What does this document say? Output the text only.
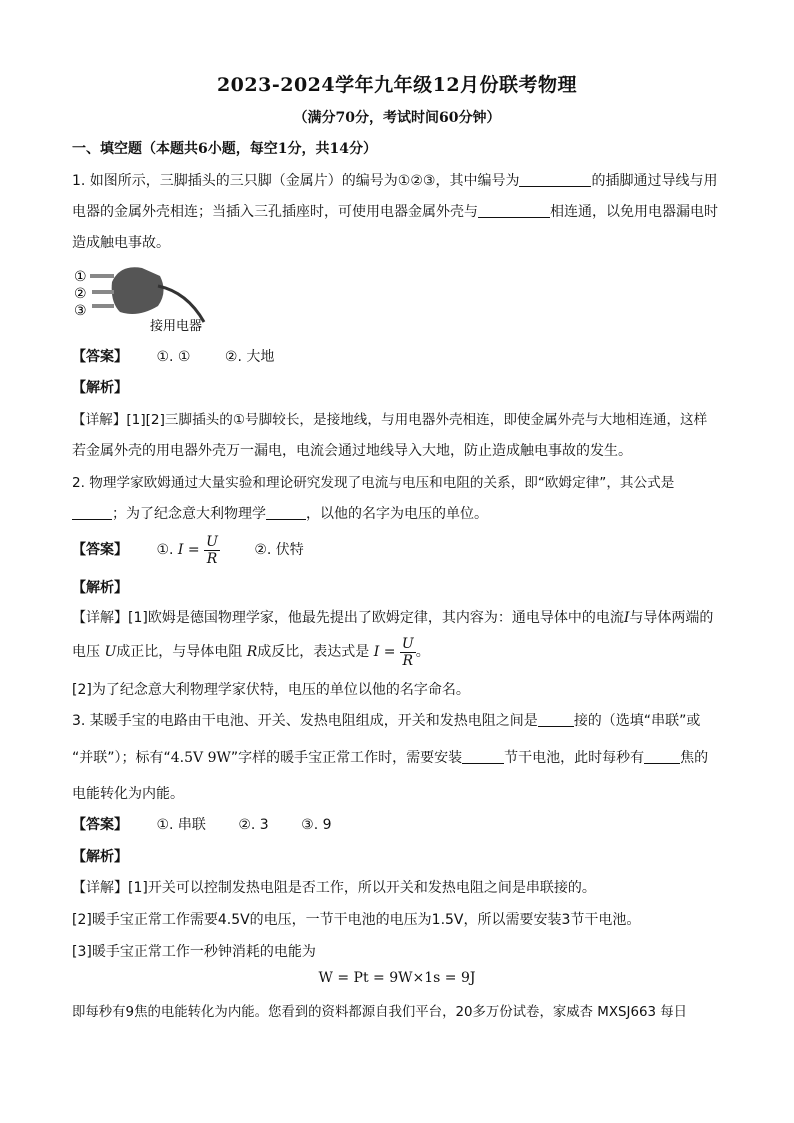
2023-2024学年九年级12月份联考物理
（满分70分，考试时间60分钟）
一、填空题（本题共6小题，每空1分，共14分）
1. 如图所示，三脚插头的三只脚（金属片）的编号为①②③，其中编号为	的插脚通过导线与用
电器的金属外壳相连；当插入三孔插座时，可使用电器金属外壳与	相连通，以免用电器漏电时
造成触电事故。
①
②
③
接用电器
【答案】 ①. ① ②. 大地
【解析】
【详解】[1][2]三脚插头的①号脚较长，是接地线，与用电器外壳相连，即使金属外壳与大地相连通，这样
若金属外壳的用电器外壳万一漏电，电流会通过地线导入大地，防止造成触电事故的发生。
2. 物理学家欧姆通过大量实验和理论研究发现了电流与电压和电阻的关系，即“欧姆定律”，其公式是
；为了纪念意大利物理学	，以他的名字为电压的单位。
【答案】 ①. $I = \frac{U}{R}$ ②. 伏特
【解析】
【详解】[1]欧姆是德国物理学家，他最先提出了欧姆定律，其内容为：通电导体中的电流I与导体两端的
电压 U成正比，与导体电阻 R成反比，表达式是 $I = \frac{U}{R}$ 。
[2]为了纪念意大利物理学家伏特，电压的单位以他的名字命名。
3. 某暖手宝的电路由干电池、开关、发热电阻组成，开关和发热电阻之间是	接的（选填“串联”或
“并联”）；标有“4.5V 9W”字样的暖手宝正常工作时，需要安装	节干电池，此时每秒有	焦的
电能转化为内能。
【答案】 ①. 串联 ②. 3 ③. 9
【解析】
【详解】[1]开关可以控制发热电阻是否工作，所以开关和发热电阻之间是串联接的。
[2]暖手宝正常工作需要4.5V的电压，一节干电池的电压为1.5V，所以需要安装3节干电池。
[3]暖手宝正常工作一秒钟消耗的电能为
W = Pt = 9W×1s = 9J
即每秒有9焦的电能转化为内能。您看到的资料都源自我们平台，20多万份试卷，家威杏 MXSJ663 每日
